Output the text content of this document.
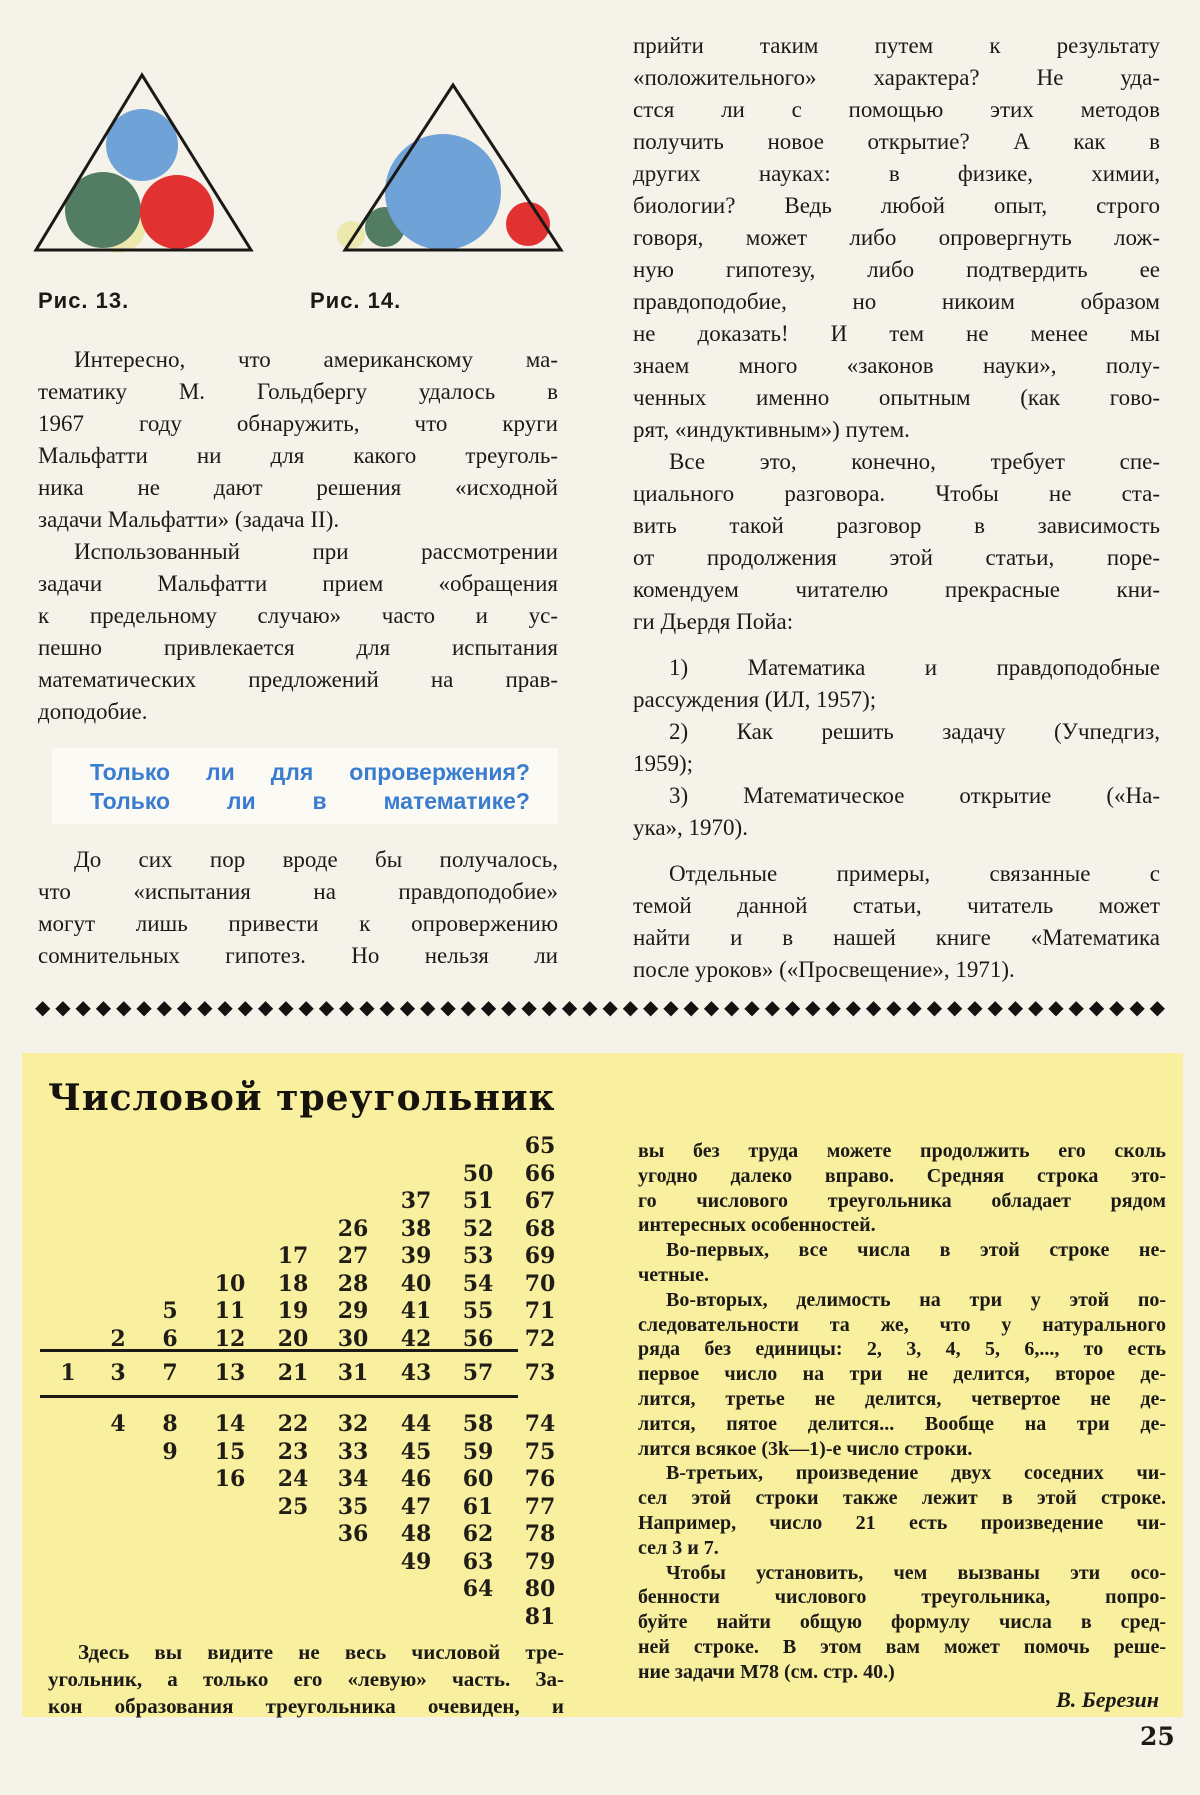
Рис. 13.	Рис. 14.
Интересно, что американскому ма-
тематику М. Гольдбергу удалось в
1967 году обнаружить, что круги
Мальфатти ни для какого треуголь-
ника не дают решения «исходной
задачи Мальфатти» (задача II).
Использованный при рассмотрении
задачи Мальфатти прием «обращения
к предельному случаю» часто и ус-
пешно привлекается для испытания
математических предложений на прав-
доподобие.
Только ли для опровержения?
Только ли в математике?
До сих пор вроде бы получалось,
что «испытания на правдоподобие»
могут лишь привести к опровержению
сомнительных гипотез. Но нельзя ли
прийти таким путем к результату
«положительного» характера? Не уда-
стся ли с помощью этих методов
получить новое открытие? А как в
других науках: в физике, химии,
биологии? Ведь любой опыт, строго
говоря, может либо опровергнуть лож-
ную гипотезу, либо подтвердить ее
правдоподобие, но никоим образом
не доказать! И тем не менее мы
знаем много «законов науки», полу-
ченных именно опытным (как гово-
рят, «индуктивным») путем.
Все это, конечно, требует спе-
циального разговора. Чтобы не ста-
вить такой разговор в зависимость
от продолжения этой статьи, поре-
комендуем читателю прекрасные кни-
ги Дьердя Пойа:
1) Математика и правдоподобные
рассуждения (ИЛ, 1957);
2) Как решить задачу (Учпедгиз,
1959);
3) Математическое открытие («На-
ука», 1970).
Отдельные примеры, связанные с
темой данной статьи, читатель может
найти и в нашей книге «Математика
после уроков» («Просвещение», 1971).
◆ ◆ ◆ ◆ ◆ ◆ ◆ ◆ ◆ ◆ ◆ ◆ ◆ ◆ ◆ ◆ ◆ ◆ ◆ ◆ ◆ ◆ ◆ ◆ ◆ ◆ ◆ ◆ ◆ ◆ ◆ ◆ ◆ ◆ ◆ ◆ ◆ ◆ ◆ ◆ ◆ ◆ ◆ ◆ ◆ ◆ ◆ ◆ ◆ ◆ ◆ ◆ ◆ ◆ ◆ ◆
Числовой треугольник
1
2
3
4
5
6
7
8
9
10
11
12
13
14
15
16
17
18
19
20
21
22
23
24
25
26
27
28
29
30
31
32
33
34
35
36
37
38
39
40
41
42
43
44
45
46
47
48
49
50
51
52
53
54
55
56
57
58
59
60
61
62
63
64
65
66
67
68
69
70
71
72
73
74
75
76
77
78
79
80
81
Здесь вы видите не весь числовой тре-
угольник, а только его «левую» часть. За-
кон образования треугольника очевиден, и
вы без труда можете продолжить его сколь
угодно далеко вправо. Средняя строка это-
го числового треугольника обладает рядом
интересных особенностей.
Во-первых, все числа в этой строке не-
четные.
Во-вторых, делимость на три у этой по-
следовательности та же, что у натурального
ряда без единицы: 2, 3, 4, 5, 6,..., то есть
первое число на три не делится, второе де-
лится, третье не делится, четвертое не де-
лится, пятое делится... Вообще на три де-
лится всякое (3k—1)-е число строки.
В-третьих, произведение двух соседних чи-
сел этой строки также лежит в этой строке.
Например, число 21 есть произведение чи-
сел 3 и 7.
Чтобы установить, чем вызваны эти осо-
бенности числового треугольника, попро-
буйте найти общую формулу числа в сред-
ней строке. В этом вам может помочь реше-
ние задачи М78 (см. стр. 40.)
В. Березин
25
